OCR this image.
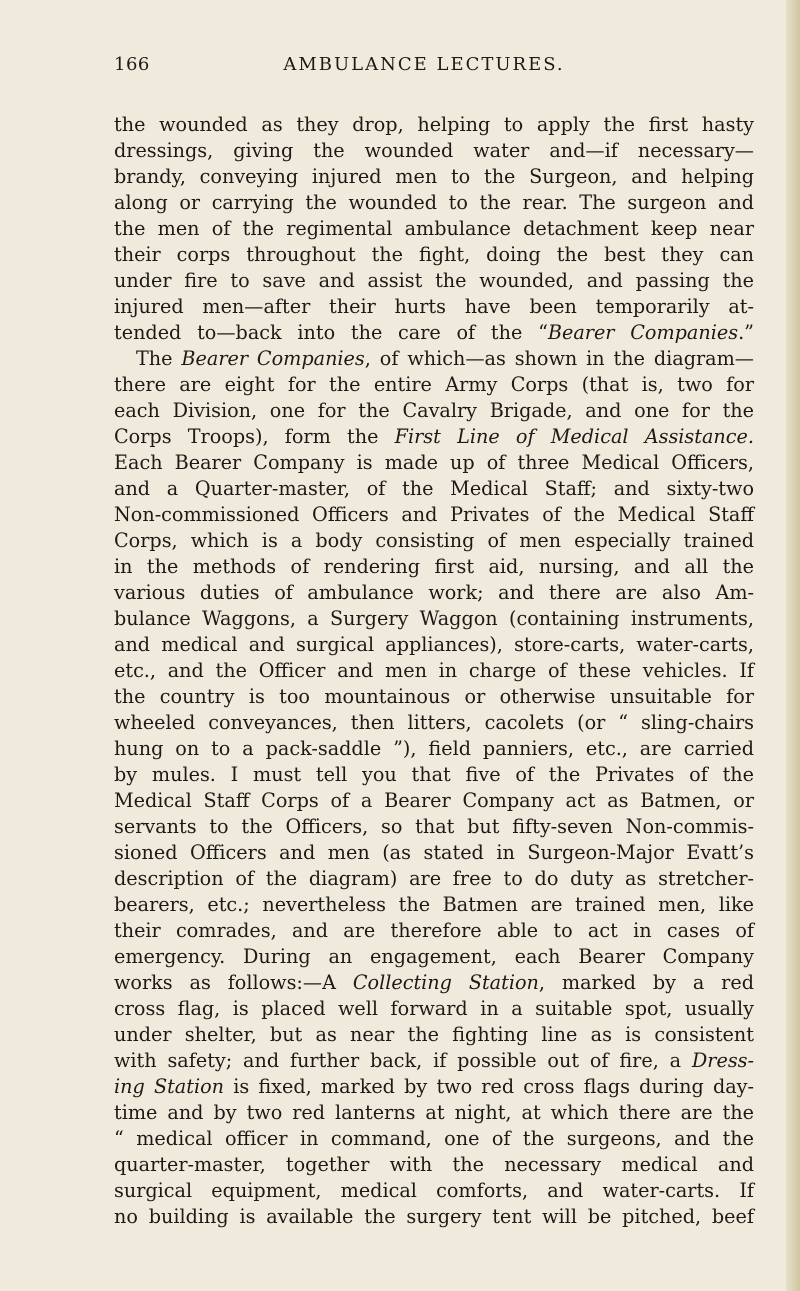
166	AMBULANCE LECTURES.
the wounded as they drop, helping to apply the first hasty
dressings, giving the wounded water and—if necessary—
brandy, conveying injured men to the Surgeon, and helping
along or carrying the wounded to the rear. The surgeon and
the men of the regimental ambulance detachment keep near
their corps throughout the fight, doing the best they can
under fire to save and assist the wounded, and passing the
injured men—after their hurts have been temporarily at-
tended to—back into the care of the “Bearer Companies.”
The Bearer Companies, of which—as shown in the diagram—
there are eight for the entire Army Corps (that is, two for
each Division, one for the Cavalry Brigade, and one for the
Corps Troops), form the First Line of Medical Assistance.
Each Bearer Company is made up of three Medical Officers,
and a Quarter-master, of the Medical Staff; and sixty-two
Non-commissioned Officers and Privates of the Medical Staff
Corps, which is a body consisting of men especially trained
in the methods of rendering first aid, nursing, and all the
various duties of ambulance work; and there are also Am-
bulance Waggons, a Surgery Waggon (containing instruments,
and medical and surgical appliances), store-carts, water-carts,
etc., and the Officer and men in charge of these vehicles. If
the country is too mountainous or otherwise unsuitable for
wheeled conveyances, then litters, cacolets (or “ sling-chairs
hung on to a pack-saddle ”), field panniers, etc., are carried
by mules. I must tell you that five of the Privates of the
Medical Staff Corps of a Bearer Company act as Batmen, or
servants to the Officers, so that but fifty-seven Non-commis-
sioned Officers and men (as stated in Surgeon-Major Evatt’s
description of the diagram) are free to do duty as stretcher-
bearers, etc.; nevertheless the Batmen are trained men, like
their comrades, and are therefore able to act in cases of
emergency. During an engagement, each Bearer Company
works as follows:—A Collecting Station, marked by a red
cross flag, is placed well forward in a suitable spot, usually
under shelter, but as near the fighting line as is consistent
with safety; and further back, if possible out of fire, a Dress-
ing Station is fixed, marked by two red cross flags during day-
time and by two red lanterns at night, at which there are the
“ medical officer in command, one of the surgeons, and the
quarter-master, together with the necessary medical and
surgical equipment, medical comforts, and water-carts. If
no building is available the surgery tent will be pitched, beef
